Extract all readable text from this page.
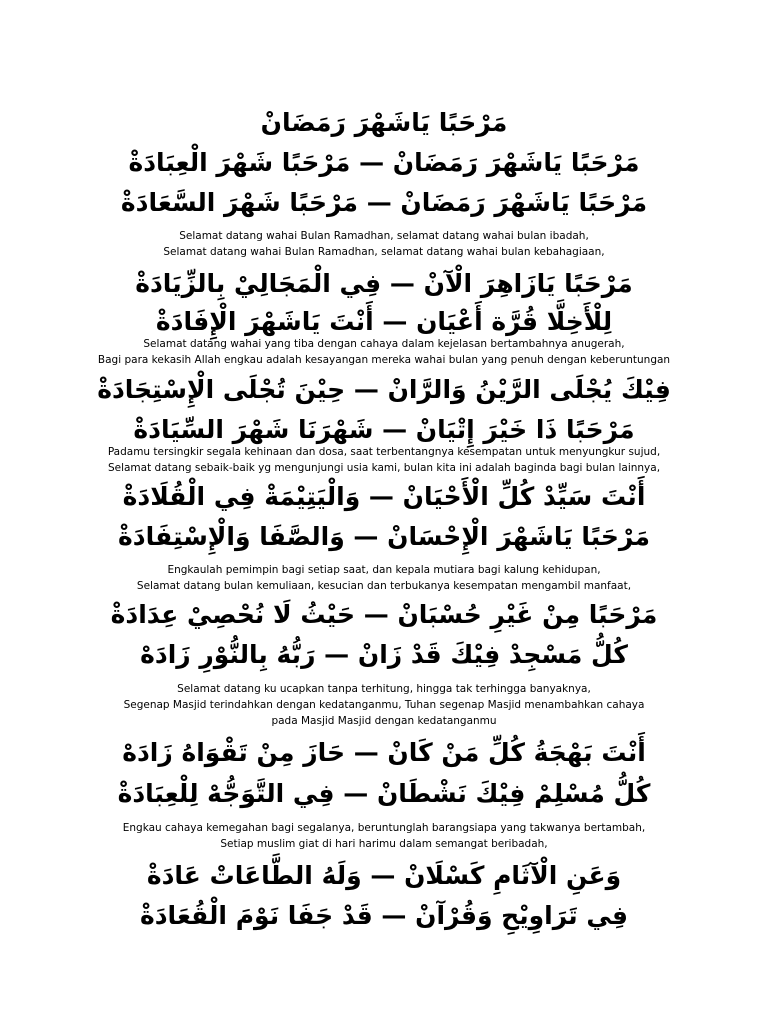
مَرْحَبًا يَاشَهْرَ رَمَضَانْ
مَرْحَبًا يَاشَهْرَ رَمَضَانْ — مَرْحَبًا شَهْرَ الْعِبَادَةْ
مَرْحَبًا يَاشَهْرَ رَمَضَانْ — مَرْحَبًا شَهْرَ السَّعَادَةْ
Selamat datang wahai Bulan Ramadhan, selamat datang wahai bulan ibadah,
Selamat datang wahai Bulan Ramadhan, selamat datang wahai bulan kebahagiaan,
مَرْحَبًا يَازَاهِرَ الْآنْ — فِي الْمَجَالِيْ بِالزِّيَادَةْ
لِلْأَخِلَّا قُرَّة أَعْيَان — أَنْتَ يَاشَهْرَ الْإِفَادَةْ
Selamat datang wahai yang tiba dengan cahaya dalam kejelasan bertambahnya anugerah,
Bagi para kekasih Allah engkau adalah kesayangan mereka wahai bulan yang penuh dengan keberuntungan
فِيْكَ يُجْلَى الرَّيْنُ وَالرَّانْ — حِيْنَ تُجْلَى الْإِسْتِجَادَةْ
مَرْحَبًا ذَا خَيْرَ إِتْيَانْ — شَهْرَنَا شَهْرَ السِّيَادَةْ
Padamu tersingkir segala kehinaan dan dosa, saat terbentangnya kesempatan untuk menyungkur sujud,
Selamat datang sebaik-baik yg mengunjungi usia kami, bulan kita ini adalah baginda bagi bulan lainnya,
أَنْتَ سَيِّدْ كُلِّ الْأَحْيَانْ — وَالْيَتِيْمَةْ فِي الْقُلَادَةْ
مَرْحَبًا يَاشَهْرَ الْإِحْسَانْ — وَالصَّفَا وَالْإِسْتِفَادَةْ
Engkaulah pemimpin bagi setiap saat, dan kepala mutiara bagi kalung kehidupan,
Selamat datang bulan kemuliaan, kesucian dan terbukanya kesempatan mengambil manfaat,
مَرْحَبًا مِنْ غَيْرِ حُسْبَانْ — حَيْثُ لَا نُحْصِيْ عِدَادَةْ
كُلُّ مَسْجِدْ فِيْكَ قَدْ زَانْ — رَبُّهُ بِالنُّوْرِ زَادَهْ
Selamat datang ku ucapkan tanpa terhitung, hingga tak terhingga banyaknya,
Segenap Masjid terindahkan dengan kedatanganmu, Tuhan segenap Masjid menambahkan cahaya
pada Masjid Masjid dengan kedatanganmu
أَنْتَ بَهْجَةُ كُلِّ مَنْ كَانْ — حَازَ مِنْ تَقْوَاهُ زَادَهْ
كُلُّ مُسْلِمْ فِيْكَ نَشْطَانْ — فِي التَّوَجُّهْ لِلْعِبَادَةْ
Engkau cahaya kemegahan bagi segalanya, beruntunglah barangsiapa yang takwanya bertambah,
Setiap muslim giat di hari harimu dalam semangat beribadah,
وَعَنِ الْآثَامِ كَسْلَانْ — وَلَهُ الطَّاعَاتْ عَادَةْ
فِي تَرَاوِيْحِ وَقُرْآنْ — قَدْ جَفَا نَوْمَ الْقُعَادَةْ
